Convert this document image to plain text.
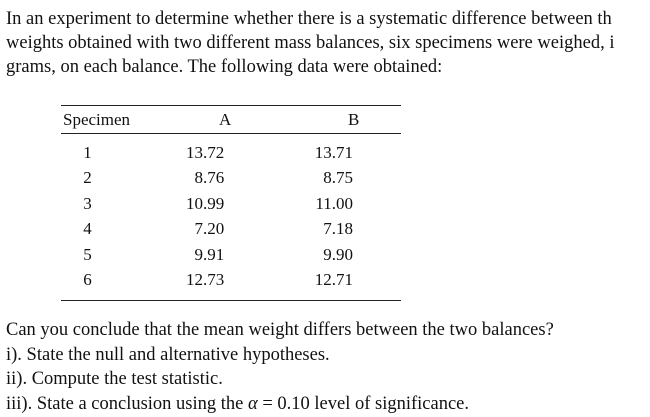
In an experiment to determine whether there is a systematic difference between th
weights obtained with two different mass balances, six specimens were weighed, i
grams, on each balance. The following data were obtained:
Specimen	A	B
1	13.72	13.71
2	8.76	8.75
3	10.99	11.00
4	7.20	7.18
5	9.91	9.90
6	12.73	12.71
Can you conclude that the mean weight differs between the two balances?
i). State the null and alternative hypotheses.
ii). Compute the test statistic.
iii). State a conclusion using the α = 0.10 level of significance.
